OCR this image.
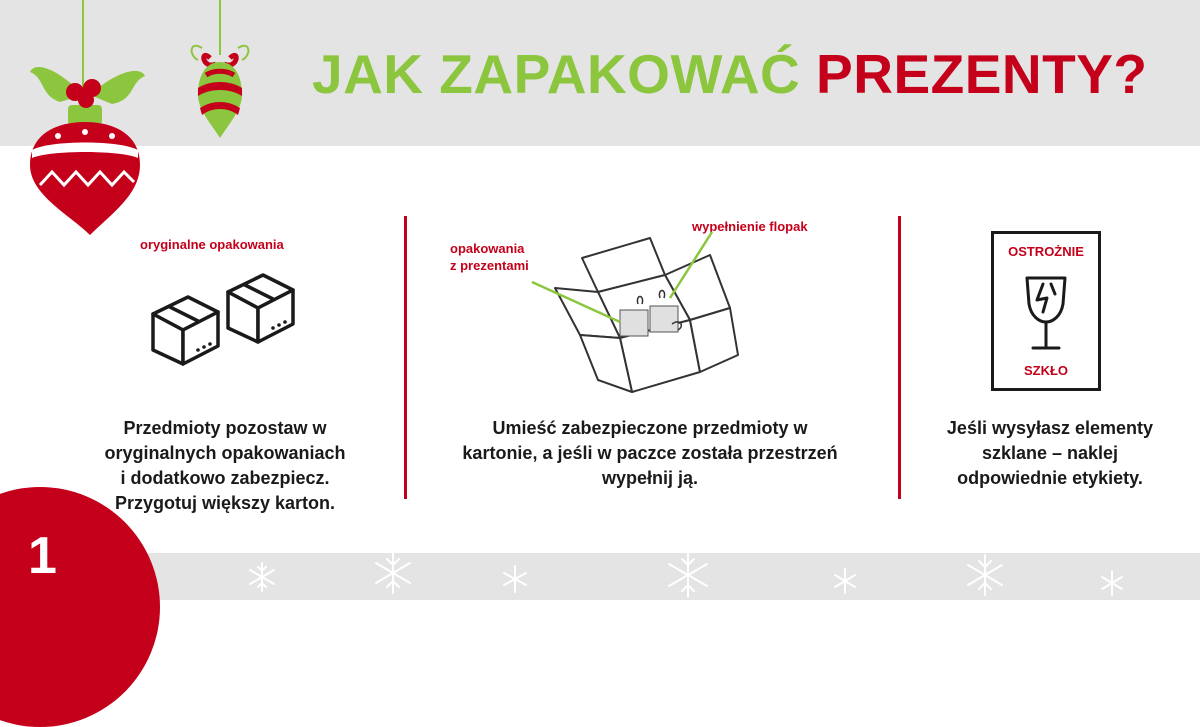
JAK ZAPAKOWAĆ PREZENTY?
oryginalne opakowania
Przedmioty pozostaw w
oryginalnych opakowaniach
i dodatkowo zabezpiecz.
Przygotuj większy karton.
opakowania
z prezentami
wypełnienie flopak
Umieść zabezpieczone przedmioty w
kartonie, a jeśli w paczce została przestrzeń
wypełnij ją.
OSTROŻNIE
SZKŁO
Jeśli wysyłasz elementy
szklane – naklej
odpowiednie etykiety.
1
